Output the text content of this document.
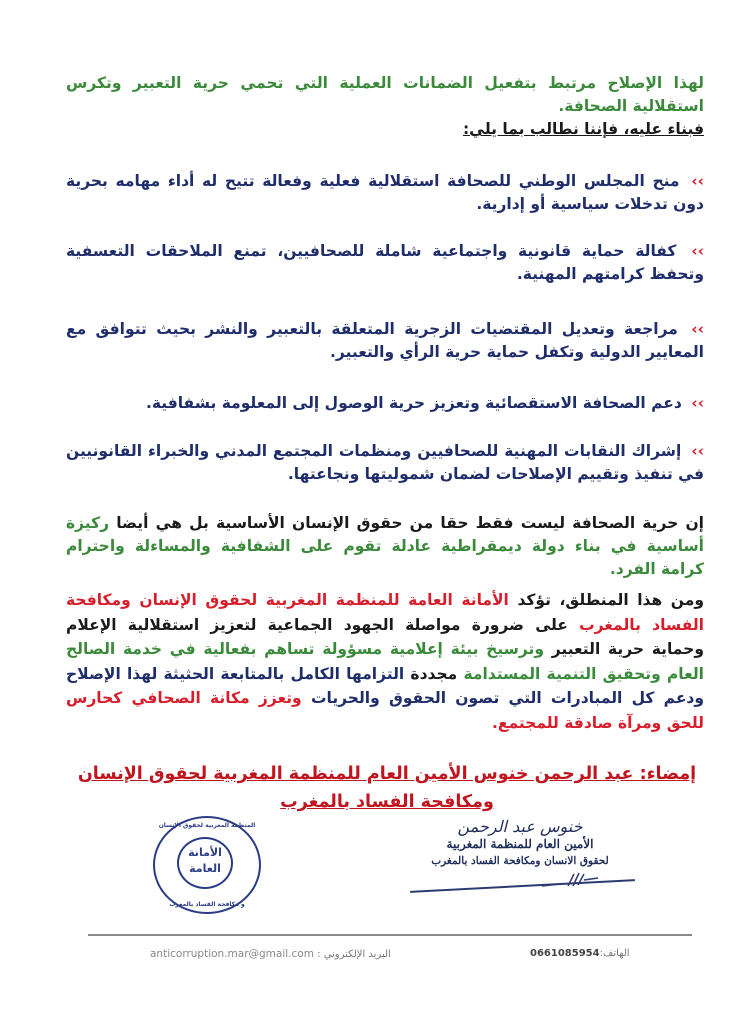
لهذا الإصلاح مرتبط بتفعيل الضمانات العملية التي تحمي حرية التعبير وتكرس استقلالية الصحافة.
فبناء عليه، فإننا نطالب بما يلي:
›› منح المجلس الوطني للصحافة استقلالية فعلية وفعالة تتيح له أداء مهامه بحرية دون تدخلات سياسية أو إدارية.
›› كفالة حماية قانونية واجتماعية شاملة للصحافيين، تمنع الملاحقات التعسفية وتحفظ كرامتهم المهنية.
›› مراجعة وتعديل المقتضيات الزجرية المتعلقة بالتعبير والنشر بحيث تتوافق مع المعايير الدولية وتكفل حماية حرية الرأي والتعبير.
›› دعم الصحافة الاستقصائية وتعزيز حرية الوصول إلى المعلومة بشفافية.
›› إشراك النقابات المهنية للصحافيين ومنظمات المجتمع المدني والخبراء القانونيين في تنفيذ وتقييم الإصلاحات لضمان شموليتها ونجاعتها.
إن حرية الصحافة ليست فقط حقا من حقوق الإنسان الأساسية بل هي أيضا ركيزة أساسية في بناء دولة ديمقراطية عادلة تقوم على الشفافية والمساءلة واحترام كرامة الفرد.
ومن هذا المنطلق، تؤكد الأمانة العامة للمنظمة المغربية لحقوق الإنسان ومكافحة الفساد بالمغرب على ضرورة مواصلة الجهود الجماعية لتعزيز استقلالية الإعلام وحماية حرية التعبير وترسيخ بيئة إعلامية مسؤولة تساهم بفعالية في خدمة الصالح العام وتحقيق التنمية المستدامة مجددة التزامها الكامل بالمتابعة الحثيثة لهذا الإصلاح ودعم كل المبادرات التي تصون الحقوق والحريات وتعزز مكانة الصحافي كحارس للحق ومرآة صادقة للمجتمع.
إمضاء: عبد الرحمن خنوس الأمين العام للمنظمة المغربية لحقوق الإنسان
ومكافحة الفساد بالمغرب
المنظمة المغربية لحقوق الإنسان
الأمانة
العامة
و مكافحة الفساد بالمغرب
خنوس عبد الرحمن
الأمين العام للمنظمة المغربية
لحقوق الانسان ومكافحة الفساد بالمغرب
الهاتف:0661085954
البريد الإلكتروني : anticorruption.mar@gmail.com
